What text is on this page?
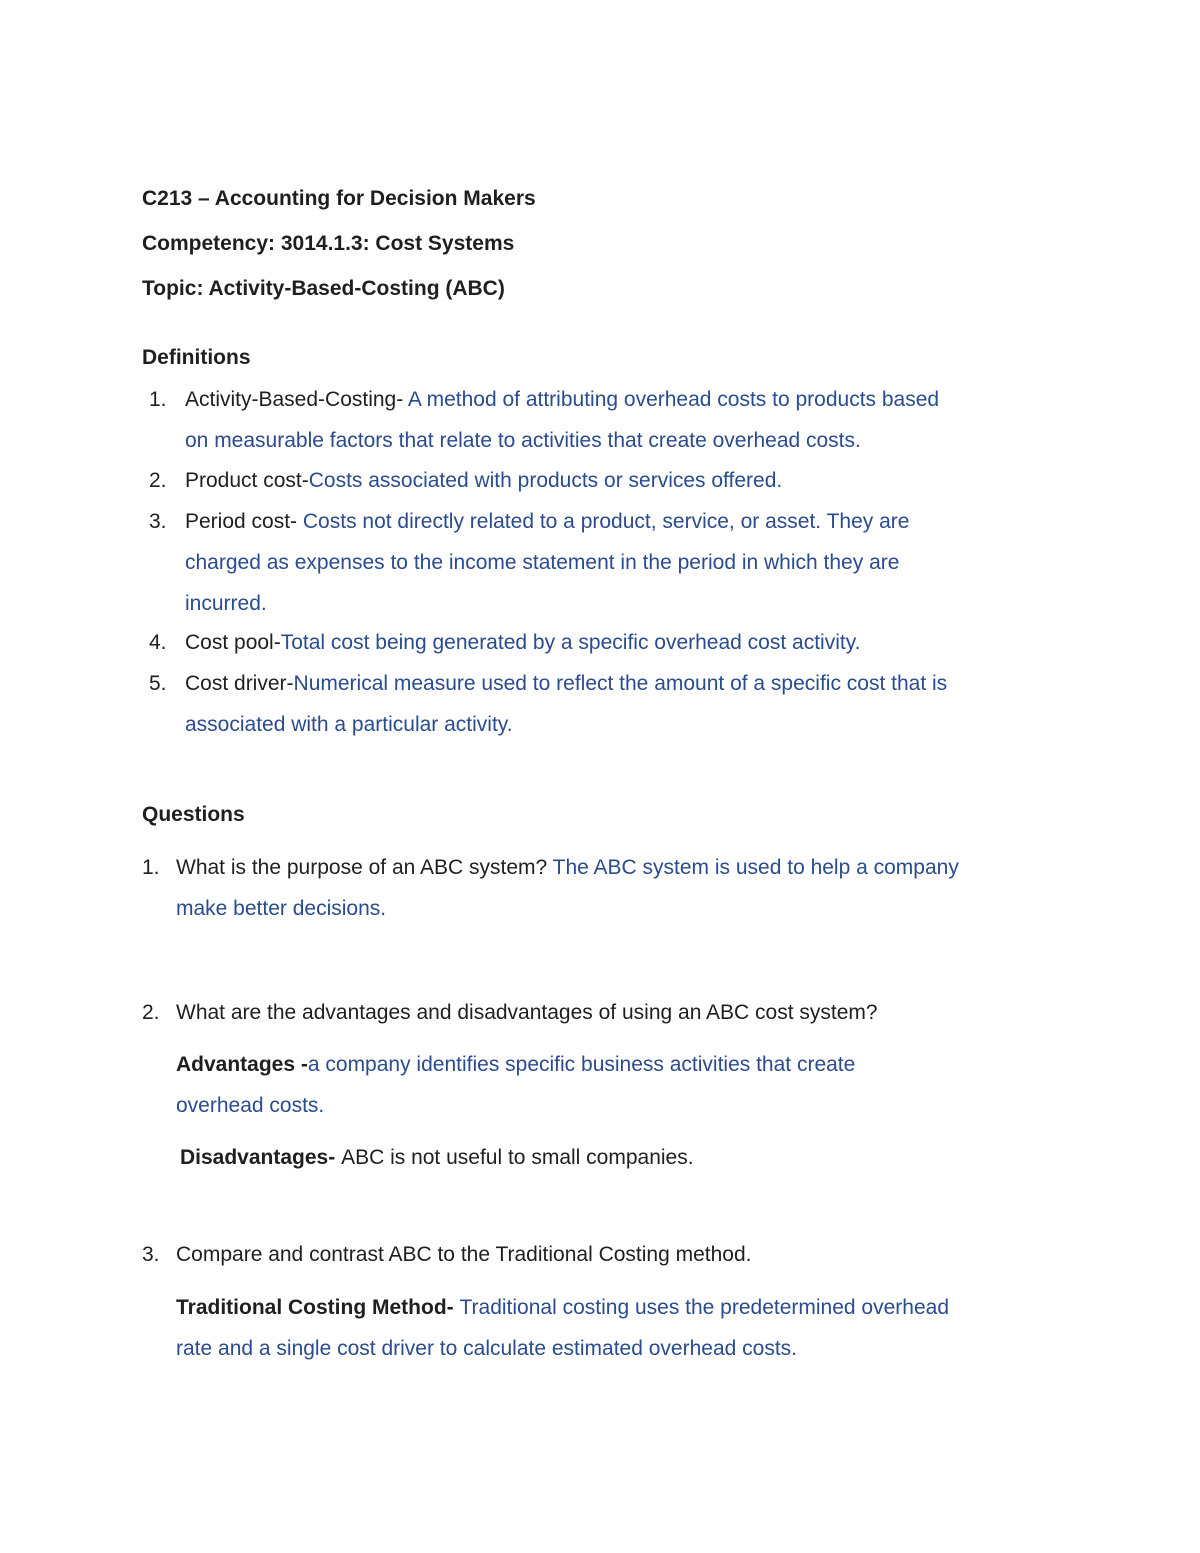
C213 – Accounting for Decision Makers
Competency: 3014.1.3: Cost Systems
Topic: Activity-Based-Costing (ABC)
Definitions
1. Activity-Based-Costing- A method of attributing overhead costs to products based
on measurable factors that relate to activities that create overhead costs.
2. Product cost-Costs associated with products or services offered.
3. Period cost- Costs not directly related to a product, service, or asset. They are
charged as expenses to the income statement in the period in which they are
incurred.
4. Cost pool-Total cost being generated by a specific overhead cost activity.
5. Cost driver-Numerical measure used to reflect the amount of a specific cost that is
associated with a particular activity.
Questions
1. What is the purpose of an ABC system? The ABC system is used to help a company
make better decisions.
2. What are the advantages and disadvantages of using an ABC cost system?
Advantages -a company identifies specific business activities that create
overhead costs.
Disadvantages- ABC is not useful to small companies.
3. Compare and contrast ABC to the Traditional Costing method.
Traditional Costing Method- Traditional costing uses the predetermined overhead
rate and a single cost driver to calculate estimated overhead costs.
